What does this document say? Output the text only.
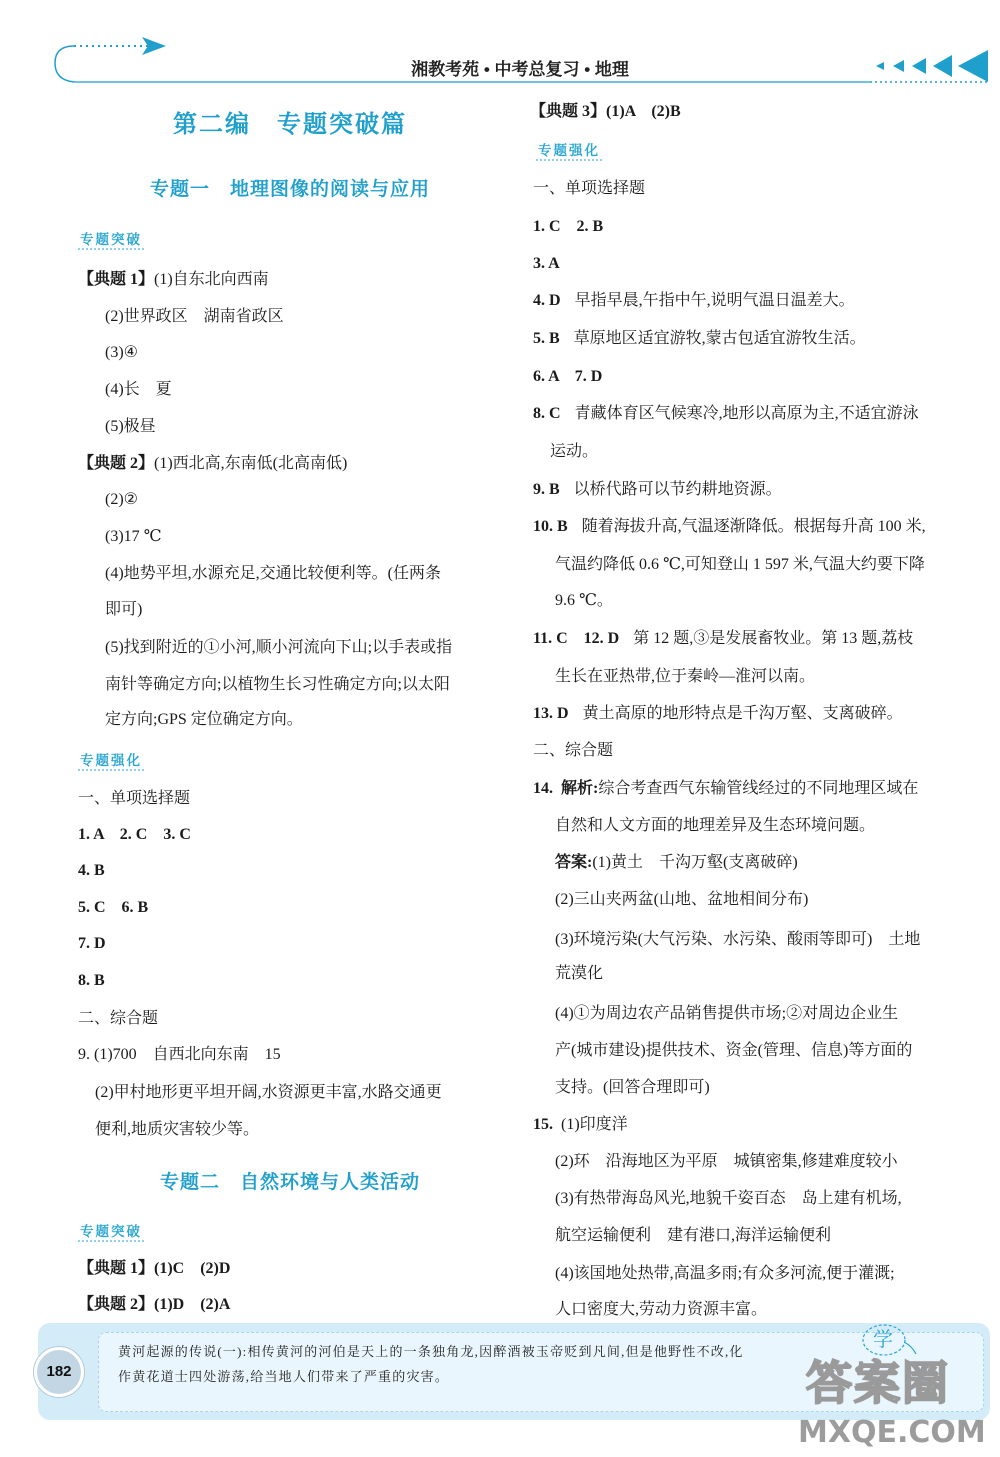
湘教考苑 • 中考总复习 • 地理
第二编　专题突破篇
专题一　地理图像的阅读与应用
专题突破
【典题 1】(1)自东北向西南
(2)世界政区　湖南省政区
(3)④
(4)长　夏
(5)极昼
【典题 2】(1)西北高,东南低(北高南低)
(2)②
(3)17 ℃
(4)地势平坦,水源充足,交通比较便利等。(任两条
即可)
(5)找到附近的①小河,顺小河流向下山;以手表或指
南针等确定方向;以植物生长习性确定方向;以太阳
定方向;GPS 定位确定方向。
专题强化
一、单项选择题
1. A　2. C　3. C
4. B
5. C　6. B
7. D
8. B
二、综合题
9. (1)700　自西北向东南　15
(2)甲村地形更平坦开阔,水资源更丰富,水路交通更
便利,地质灾害较少等。
专题二　自然环境与人类活动
专题突破
【典题 1】(1)C　(2)D
【典题 2】(1)D　(2)A
【典题 3】(1)A　(2)B
专题强化
一、单项选择题
1. C　2. B
3. A
4. D 早指早晨,午指中午,说明气温日温差大。
5. B 草原地区适宜游牧,蒙古包适宜游牧生活。
6. A　7. D
8. C 青藏体育区气候寒冷,地形以高原为主,不适宜游泳
运动。
9. B 以桥代路可以节约耕地资源。
10. B 随着海拔升高,气温逐渐降低。根据每升高 100 米,
气温约降低 0.6 ℃,可知登山 1 597 米,气温大约要下降
9.6 ℃。
11. C　12. D 第 12 题,③是发展畜牧业。第 13 题,荔枝
生长在亚热带,位于秦岭—淮河以南。
13. D 黄土高原的地形特点是千沟万壑、支离破碎。
二、综合题
14. 解析:综合考查西气东输管线经过的不同地理区域在
自然和人文方面的地理差异及生态环境问题。
答案:(1)黄土　千沟万壑(支离破碎)
(2)三山夹两盆(山地、盆地相间分布)
(3)环境污染(大气污染、水污染、酸雨等即可)　土地
荒漠化
(4)①为周边农产品销售提供市场;②对周边企业生
产(城市建设)提供技术、资金(管理、信息)等方面的
支持。(回答合理即可)
15. (1)印度洋
(2)环　沿海地区为平原　城镇密集,修建难度较小
(3)有热带海岛风光,地貌千姿百态　岛上建有机场,
航空运输便利　建有港口,海洋运输便利
(4)该国地处热带,高温多雨;有众多河流,便于灌溉;
人口密度大,劳动力资源丰富。
182
黄河起源的传说(一):相传黄河的河伯是天上的一条独角龙,因醉酒被玉帝贬到凡间,但是他野性不改,化
作黄花道士四处游荡,给当地人们带来了严重的灾害。
学
答案圈
MXQE.COM
